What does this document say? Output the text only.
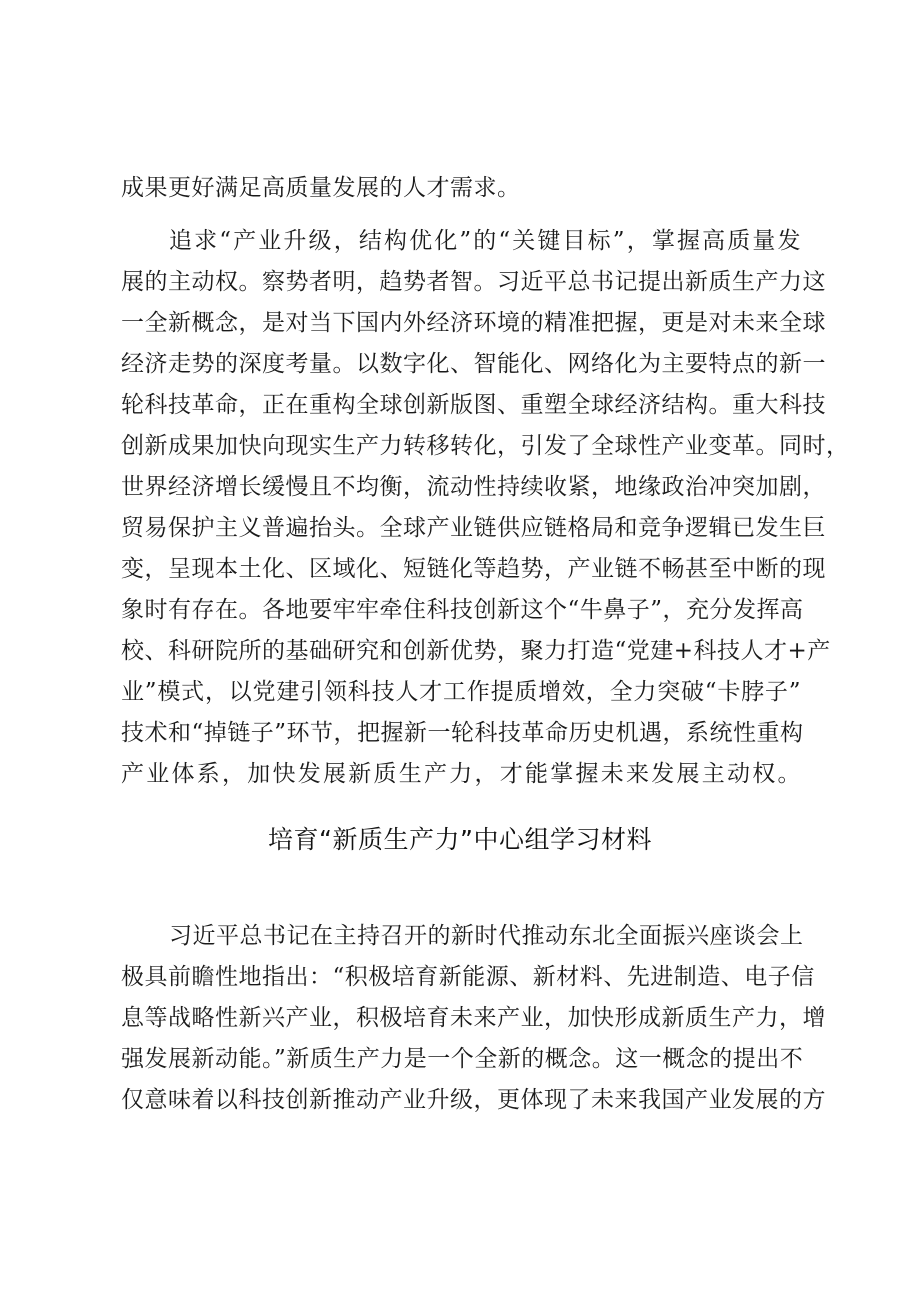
成果更好满足高质量发展的人才需求。
追求“产业升级，结构优化”的“关键目标”，掌握高质量发
展的主动权。察势者明，趋势者智。习近平总书记提出新质生产力这
一全新概念，是对当下国内外经济环境的精准把握，更是对未来全球
经济走势的深度考量。以数字化、智能化、网络化为主要特点的新一
轮科技革命，正在重构全球创新版图、重塑全球经济结构。重大科技
创新成果加快向现实生产力转移转化，引发了全球性产业变革。同时，
世界经济增长缓慢且不均衡，流动性持续收紧，地缘政治冲突加剧，
贸易保护主义普遍抬头。全球产业链供应链格局和竞争逻辑已发生巨
变，呈现本土化、区域化、短链化等趋势，产业链不畅甚至中断的现
象时有存在。各地要牢牢牵住科技创新这个“牛鼻子”，充分发挥高
校、科研院所的基础研究和创新优势，聚力打造“党建+科技人才+产
业”模式，以党建引领科技人才工作提质增效，全力突破“卡脖子”
技术和“掉链子”环节，把握新一轮科技革命历史机遇，系统性重构
产业体系，加快发展新质生产力，才能掌握未来发展主动权。
培育“新质生产力”中心组学习材料
习近平总书记在主持召开的新时代推动东北全面振兴座谈会上
极具前瞻性地指出：“积极培育新能源、新材料、先进制造、电子信
息等战略性新兴产业，积极培育未来产业，加快形成新质生产力，增
强发展新动能。”新质生产力是一个全新的概念。这一概念的提出不
仅意味着以科技创新推动产业升级，更体现了未来我国产业发展的方
